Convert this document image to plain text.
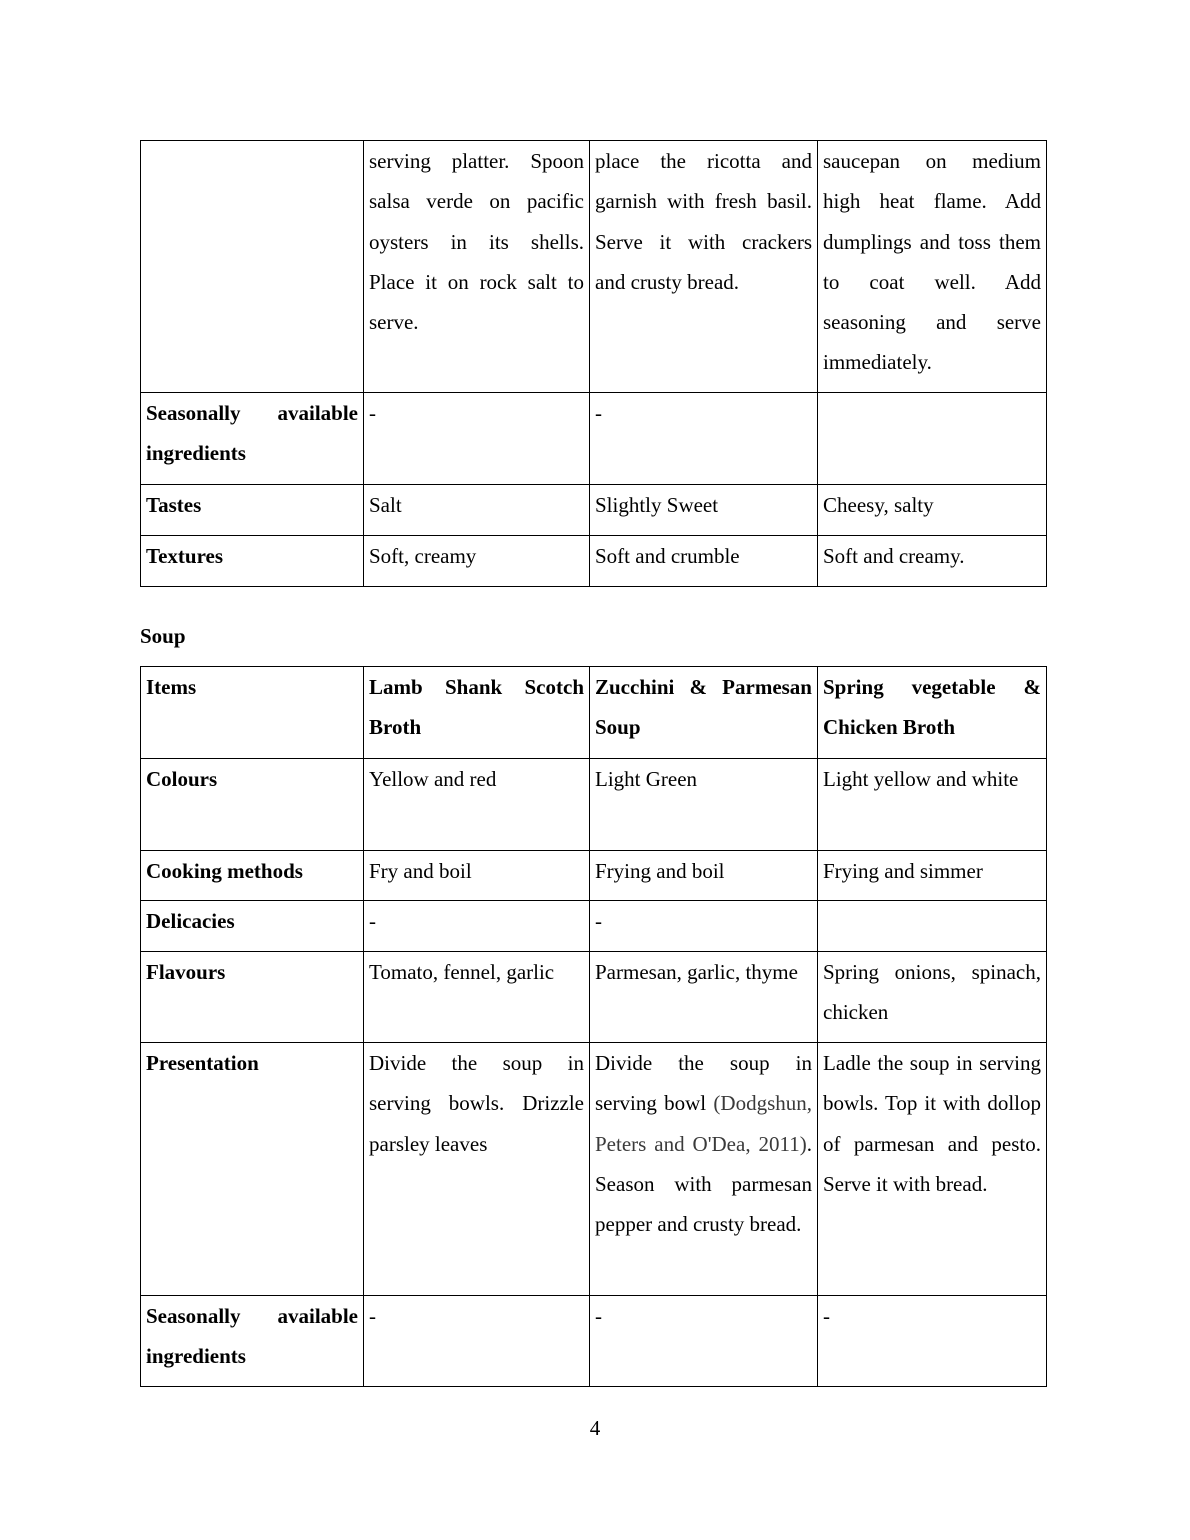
	serving platter. Spoon salsa verde on pacific oysters in its shells. Place it on rock salt to serve.	place the ricotta and garnish with fresh basil. Serve it with crackers and crusty bread.	saucepan on medium high heat flame. Add dumplings and toss them to coat well. Add seasoning and serve immediately.
Seasonally available ingredients	-	-	
Tastes	Salt	Slightly Sweet	Cheesy, salty
Textures	Soft, creamy	Soft and crumble	Soft and creamy.
Soup
Items	Lamb Shank Scotch Broth	Zucchini & Parmesan Soup	Spring vegetable & Chicken Broth
Colours	Yellow and red	Light Green	Light yellow and white
Cooking methods	Fry and boil	Frying and boil	Frying and simmer
Delicacies	-	-	
Flavours	Tomato, fennel, garlic	Parmesan, garlic, thyme	Spring onions, spinach, chicken
Presentation	Divide the soup in serving bowls. Drizzle parsley leaves	Divide the soup in serving bowl (Dodgshun, Peters and O'Dea, 2011). Season with parmesan pepper and crusty bread.	Ladle the soup in serving bowls. Top it with dollop of parmesan and pesto. Serve it with bread.
Seasonally available ingredients	-	-	-
4
